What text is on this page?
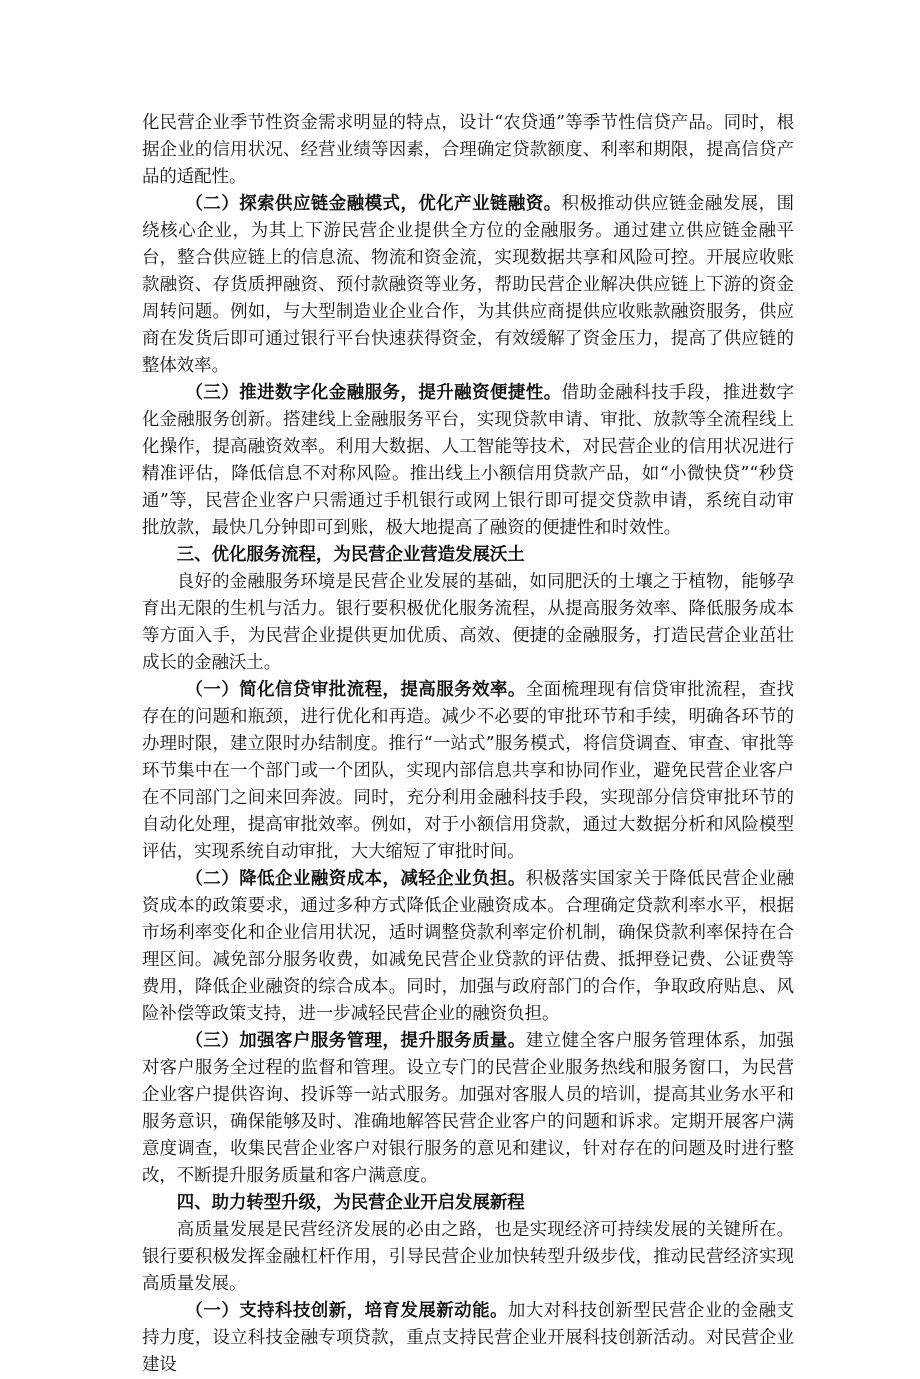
化民营企业季节性资金需求明显的特点，设计“农贷通”等季节性信贷产品。同时，根据企业的信用状况、经营业绩等因素，合理确定贷款额度、利率和期限，提高信贷产品的适配性。

（二）探索供应链金融模式，优化产业链融资。积极推动供应链金融发展，围绕核心企业，为其上下游民营企业提供全方位的金融服务。通过建立供应链金融平台，整合供应链上的信息流、物流和资金流，实现数据共享和风险可控。开展应收账款融资、存货质押融资、预付款融资等业务，帮助民营企业解决供应链上下游的资金周转问题。例如，与大型制造业企业合作，为其供应商提供应收账款融资服务，供应商在发货后即可通过银行平台快速获得资金，有效缓解了资金压力，提高了供应链的整体效率。

（三）推进数字化金融服务，提升融资便捷性。借助金融科技手段，推进数字化金融服务创新。搭建线上金融服务平台，实现贷款申请、审批、放款等全流程线上化操作，提高融资效率。利用大数据、人工智能等技术，对民营企业的信用状况进行精准评估，降低信息不对称风险。推出线上小额信用贷款产品，如“小微快贷”“秒贷通”等，民营企业客户只需通过手机银行或网上银行即可提交贷款申请，系统自动审批放款，最快几分钟即可到账，极大地提高了融资的便捷性和时效性。

三、优化服务流程，为民营企业营造发展沃土

良好的金融服务环境是民营企业发展的基础，如同肥沃的土壤之于植物，能够孕育出无限的生机与活力。银行要积极优化服务流程，从提高服务效率、降低服务成本等方面入手，为民营企业提供更加优质、高效、便捷的金融服务，打造民营企业茁壮成长的金融沃土。

（一）简化信贷审批流程，提高服务效率。全面梳理现有信贷审批流程，查找存在的问题和瓶颈，进行优化和再造。减少不必要的审批环节和手续，明确各环节的办理时限，建立限时办结制度。推行“一站式”服务模式，将信贷调查、审查、审批等环节集中在一个部门或一个团队，实现内部信息共享和协同作业，避免民营企业客户在不同部门之间来回奔波。同时，充分利用金融科技手段，实现部分信贷审批环节的自动化处理，提高审批效率。例如，对于小额信用贷款，通过大数据分析和风险模型评估，实现系统自动审批，大大缩短了审批时间。

（二）降低企业融资成本，减轻企业负担。积极落实国家关于降低民营企业融资成本的政策要求，通过多种方式降低企业融资成本。合理确定贷款利率水平，根据市场利率变化和企业信用状况，适时调整贷款利率定价机制，确保贷款利率保持在合理区间。减免部分服务收费，如减免民营企业贷款的评估费、抵押登记费、公证费等费用，降低企业融资的综合成本。同时，加强与政府部门的合作，争取政府贴息、风险补偿等政策支持，进一步减轻民营企业的融资负担。

（三）加强客户服务管理，提升服务质量。建立健全客户服务管理体系，加强对客户服务全过程的监督和管理。设立专门的民营企业服务热线和服务窗口，为民营企业客户提供咨询、投诉等一站式服务。加强对客服人员的培训，提高其业务水平和服务意识，确保能够及时、准确地解答民营企业客户的问题和诉求。定期开展客户满意度调查，收集民营企业客户对银行服务的意见和建议，针对存在的问题及时进行整改，不断提升服务质量和客户满意度。

四、助力转型升级，为民营企业开启发展新程

高质量发展是民营经济发展的必由之路，也是实现经济可持续发展的关键所在。银行要积极发挥金融杠杆作用，引导民营企业加快转型升级步伐，推动民营经济实现高质量发展。

（一）支持科技创新，培育发展新动能。加大对科技创新型民营企业的金融支持力度，设立科技金融专项贷款，重点支持民营企业开展科技创新活动。对民营企业建设
